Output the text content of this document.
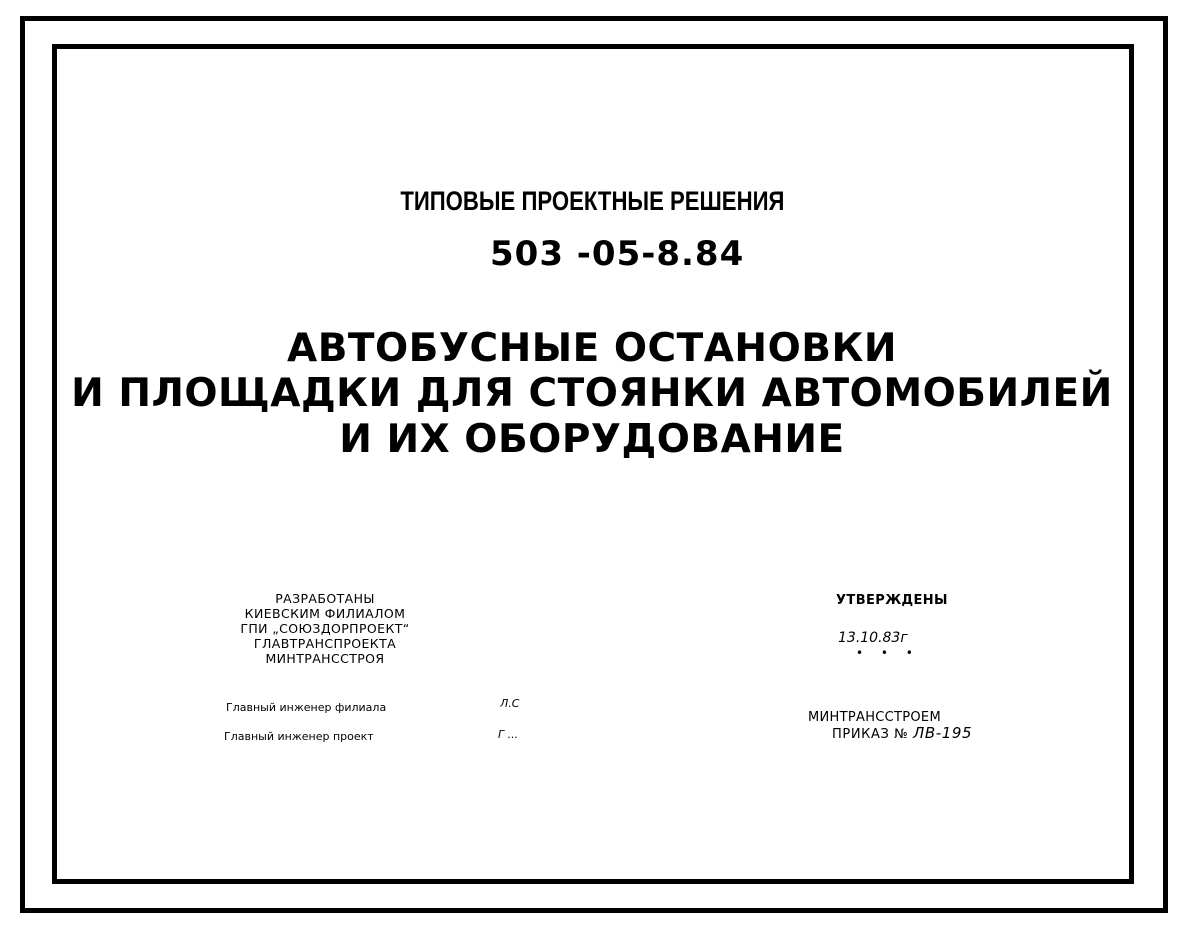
ТИПОВЫЕ ПРОЕКТНЫЕ РЕШЕНИЯ
503 -05-8.84
АВТОБУСНЫЕ ОСТАНОВКИ
И ПЛОЩАДКИ ДЛЯ СТОЯНКИ АВТОМОБИЛЕЙ
И ИХ ОБОРУДОВАНИЕ
РАЗРАБОТАНЫ
КИЕВСКИМ ФИЛИАЛОМ
ГПИ „СОЮЗДОРПРОЕКТ“
ГЛАВТРАНСПРОЕКТА
МИНТРАНССТРОЯ
Главный инженер филиала	Л.С
Главный инженер проект	Г ...
УТВЕРЖДЕНЫ
13.10.83г
• • •
МИНТРАНССТРОЕМ
ПРИКАЗ № ЛВ-195
